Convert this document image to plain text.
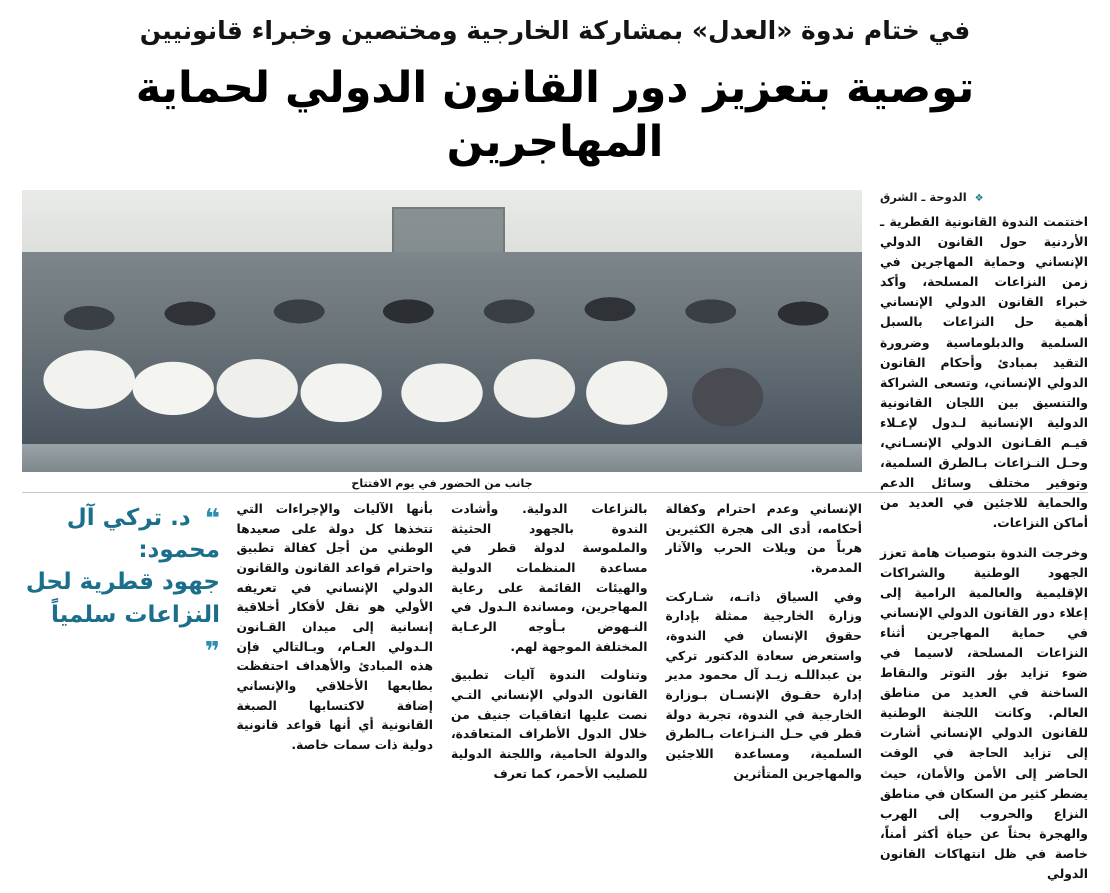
في ختام ندوة «العدل» بمشاركة الخارجية ومختصين وخبراء قانونيين
توصية بتعزيز دور القانون الدولي لحماية المهاجرين
جانب من الحضور في يوم الافتتاح
❖ الدوحة ـ الشرق

اختتمت الندوة القانونية القطرية ـ الأردنية حول القانون الدولي الإنساني وحماية المهاجرين في زمن النزاعات المسلحة، وأكد خبراء القانون الدولي الإنساني أهمية حل النزاعات بالسبل السلمية والدبلوماسية وضرورة التقيد بمبادئ وأحكام القانون الدولي الإنساني، وتسعى الشراكة والتنسيق بين اللجان القانونية الدولية الإنسانية لـدول لإعـلاء قيـم القـانون الدولي الإنسـاني، وحـل النـزاعات بـالطرق السلمية، وتوفير مختلف وسائل الدعم والحماية للاجئين في العديد من أماكن النزاعات.

وخرجت الندوة بتوصيات هامة تعزز الجهود الوطنية والشراكات الإقليمية والعالمية الرامية إلى إعلاء دور القانون الدولي الإنساني في حماية المهاجرين أثناء النزاعات المسلحة، لاسيما في ضوء تزايد بؤر التوتر والنقاط الساخنة في العديد من مناطق العالم. وكانت اللجنة الوطنية للقانون الدولي الإنساني أشارت إلى تزايد الحاجة في الوقت الحاضر إلى الأمن والأمان، حيث يضطر كثير من السكان في مناطق النزاع والحروب إلى الهرب والهجرة بحثاً عن حياة أكثر أمناً، خاصة في ظل انتهاكات القانون الدولي

الإنساني وعدم احترام وكفالة أحكامه، أدى الى هجرة الكثيرين هرباً من ويلات الحرب والآثار المدمرة.

وفي السياق ذاتـه، شـاركت وزارة الخارجية ممثلة بإدارة حقوق الإنسان في الندوة، واستعرض سعادة الدكتور تركي بن عبداللـه زيـد آل محمود مدير إدارة حقـوق الإنسـان بـوزارة الخارجية في الندوة، تجربة دولة قطر في حـل النـزاعات بـالطرق السلمية، ومساعدة اللاجئين والمهاجرين المتأثرين

بالنزاعات الدولية. وأشادت الندوة بالجهود الحثيثة والملموسة لدولة قطر في مساعدة المنظمات الدولية والهيئات القائمة على رعاية المهاجرين، ومساندة الـدول في النـهوض بـأوجه الرعـاية المختلفة الموجهة لهم.

وتناولت الندوة آليات تطبيق القانون الدولي الإنساني التـي نصت عليها اتفاقيات جنيف من خلال الدول الأطراف المتعاقدة، والدولة الحامية، واللجنة الدولية للصليب الأحمر، كما تعرف

بأنها الآليات والإجراءات التي تتخذها كل دولة على صعيدها الوطني من أجل كفالة تطبيق واحترام قواعد القانون والقانون الدولي الإنساني في تعريفه الأولي هو نقل لأفكار أخلاقية إنسانية إلى ميدان القـانون الـدولي العـام، وبـالتالي فإن هذه المبادئ والأهداف احتفظت بطابعها الأخلاقي والإنساني إضافة لاكتسابها الصبغة القانونية أي أنها قواعد قانونية دولية ذات سمات خاصة.

❝ د. تركي آل محمود:
جهود قطرية لحل النزاعات سلمياً
❞
